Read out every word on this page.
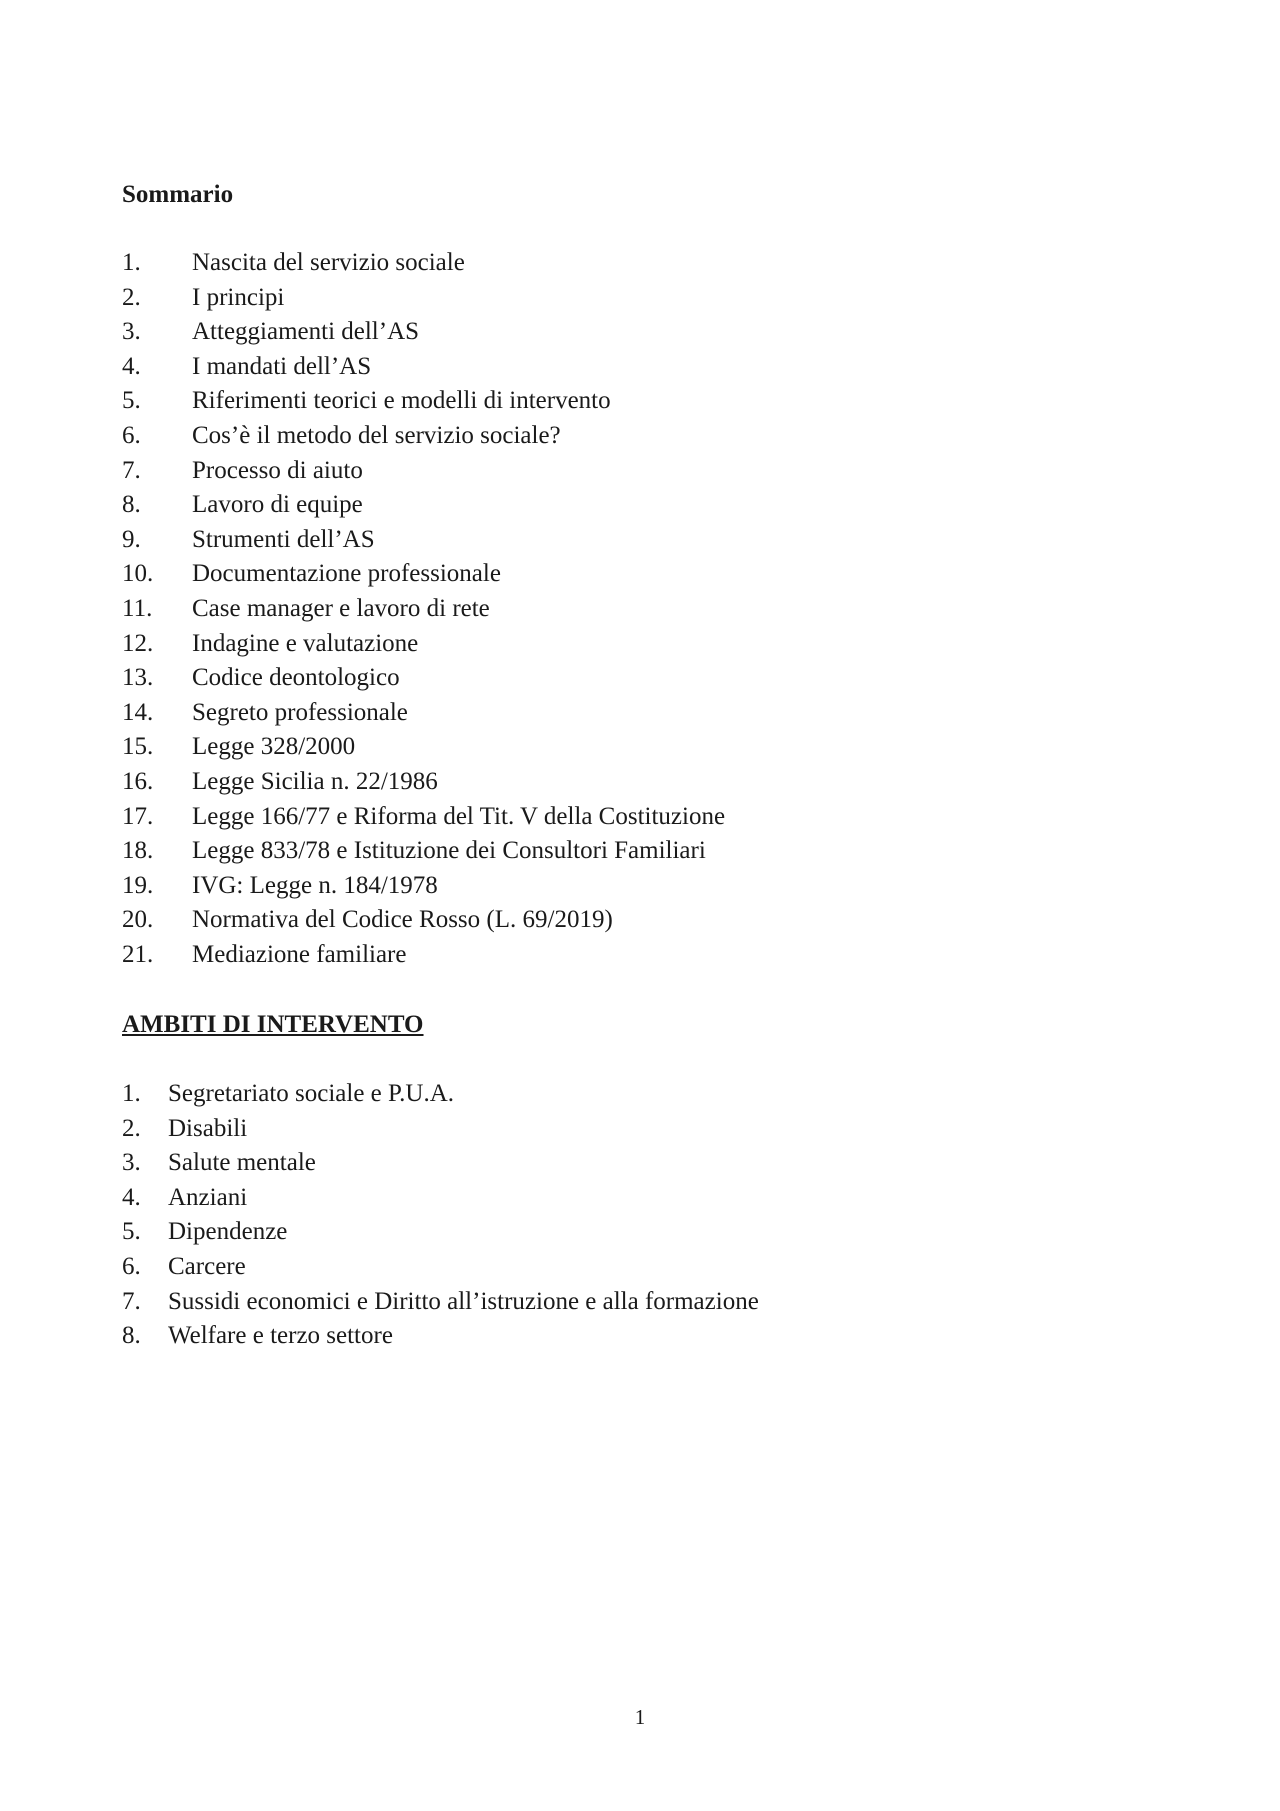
Sommario
1.	Nascita del servizio sociale
2.	I principi
3.	Atteggiamenti dell’AS
4.	I mandati dell’AS
5.	Riferimenti teorici e modelli di intervento
6.	Cos’è il metodo del servizio sociale?
7.	Processo di aiuto
8.	Lavoro di equipe
9.	Strumenti dell’AS
10.	Documentazione professionale
11.	Case manager e lavoro di rete
12.	Indagine e valutazione
13.	Codice deontologico
14.	Segreto professionale
15.	Legge 328/2000
16.	Legge Sicilia n. 22/1986
17.	Legge 166/77 e Riforma del Tit. V della Costituzione
18.	Legge 833/78 e Istituzione dei Consultori Familiari
19.	IVG: Legge n. 184/1978
20.	Normativa del Codice Rosso (L. 69/2019)
21.	Mediazione familiare
AMBITI DI INTERVENTO
1.	Segretariato sociale e P.U.A.
2.	Disabili
3.	Salute mentale
4.	Anziani
5.	Dipendenze
6.	Carcere
7.	Sussidi economici e Diritto all’istruzione e alla formazione
8.	Welfare e terzo settore
1
